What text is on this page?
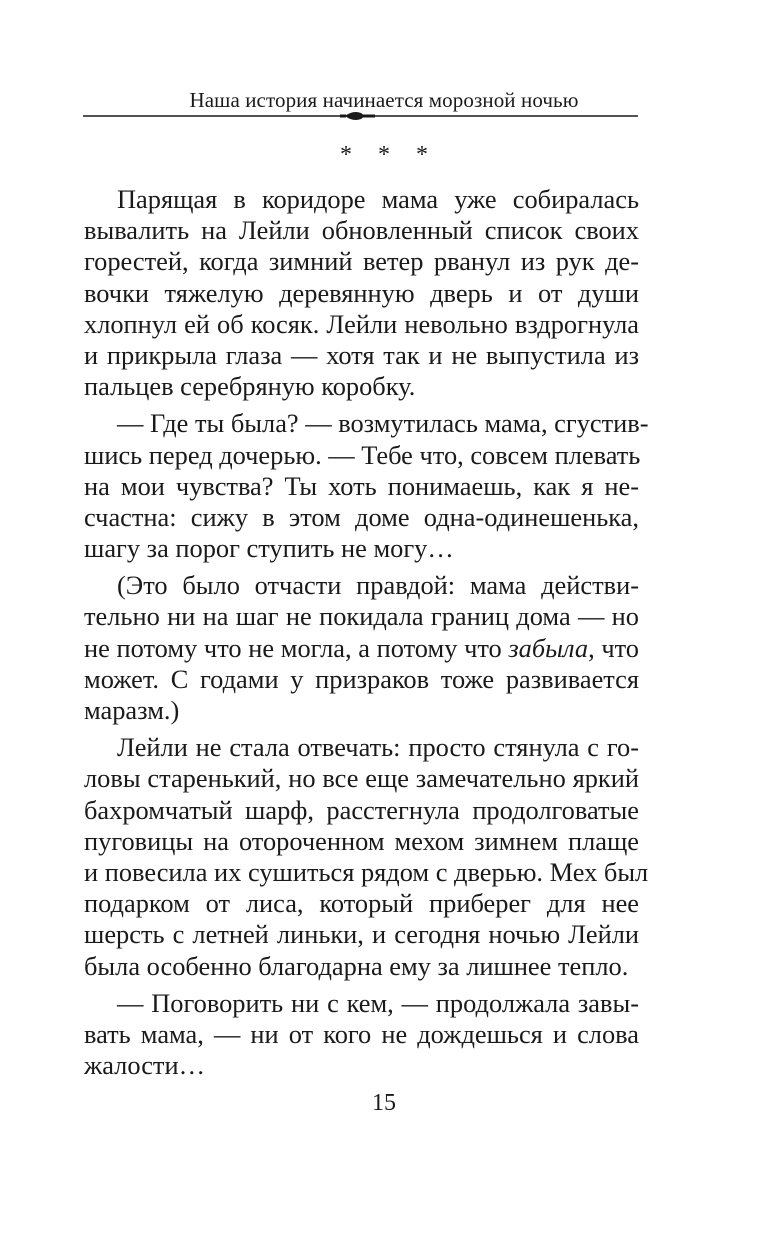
Наша история начинается морозной ночью
* * *
Парящая в коридоре мама уже собиралась
вывалить на Лейли обновленный список своих
горестей, когда зимний ветер рванул из рук де-
вочки тяжелую деревянную дверь и от души
хлопнул ей об косяк. Лейли невольно вздрогнула
и прикрыла глаза — хотя так и не выпустила из
пальцев серебряную коробку.
— Где ты была? — возмутилась мама, сгустив-
шись перед дочерью. — Тебе что, совсем плевать
на мои чувства? Ты хоть понимаешь, как я не-
счастна: сижу в этом доме одна-одинешенька,
шагу за порог ступить не могу…
(Это было отчасти правдой: мама действи-
тельно ни на шаг не покидала границ дома — но
не потому что не могла, а потому что забыла, что
может. С годами у призраков тоже развивается
маразм.)
Лейли не стала отвечать: просто стянула с го-
ловы старенький, но все еще замечательно яркий
бахромчатый шарф, расстегнула продолговатые
пуговицы на отороченном мехом зимнем плаще
и повесила их сушиться рядом с дверью. Мех был
подарком от лиса, который приберег для нее
шерсть с летней линьки, и сегодня ночью Лейли
была особенно благодарна ему за лишнее тепло.
— Поговорить ни с кем, — продолжала завы-
вать мама, — ни от кого не дождешься и слова
жалости…
15
